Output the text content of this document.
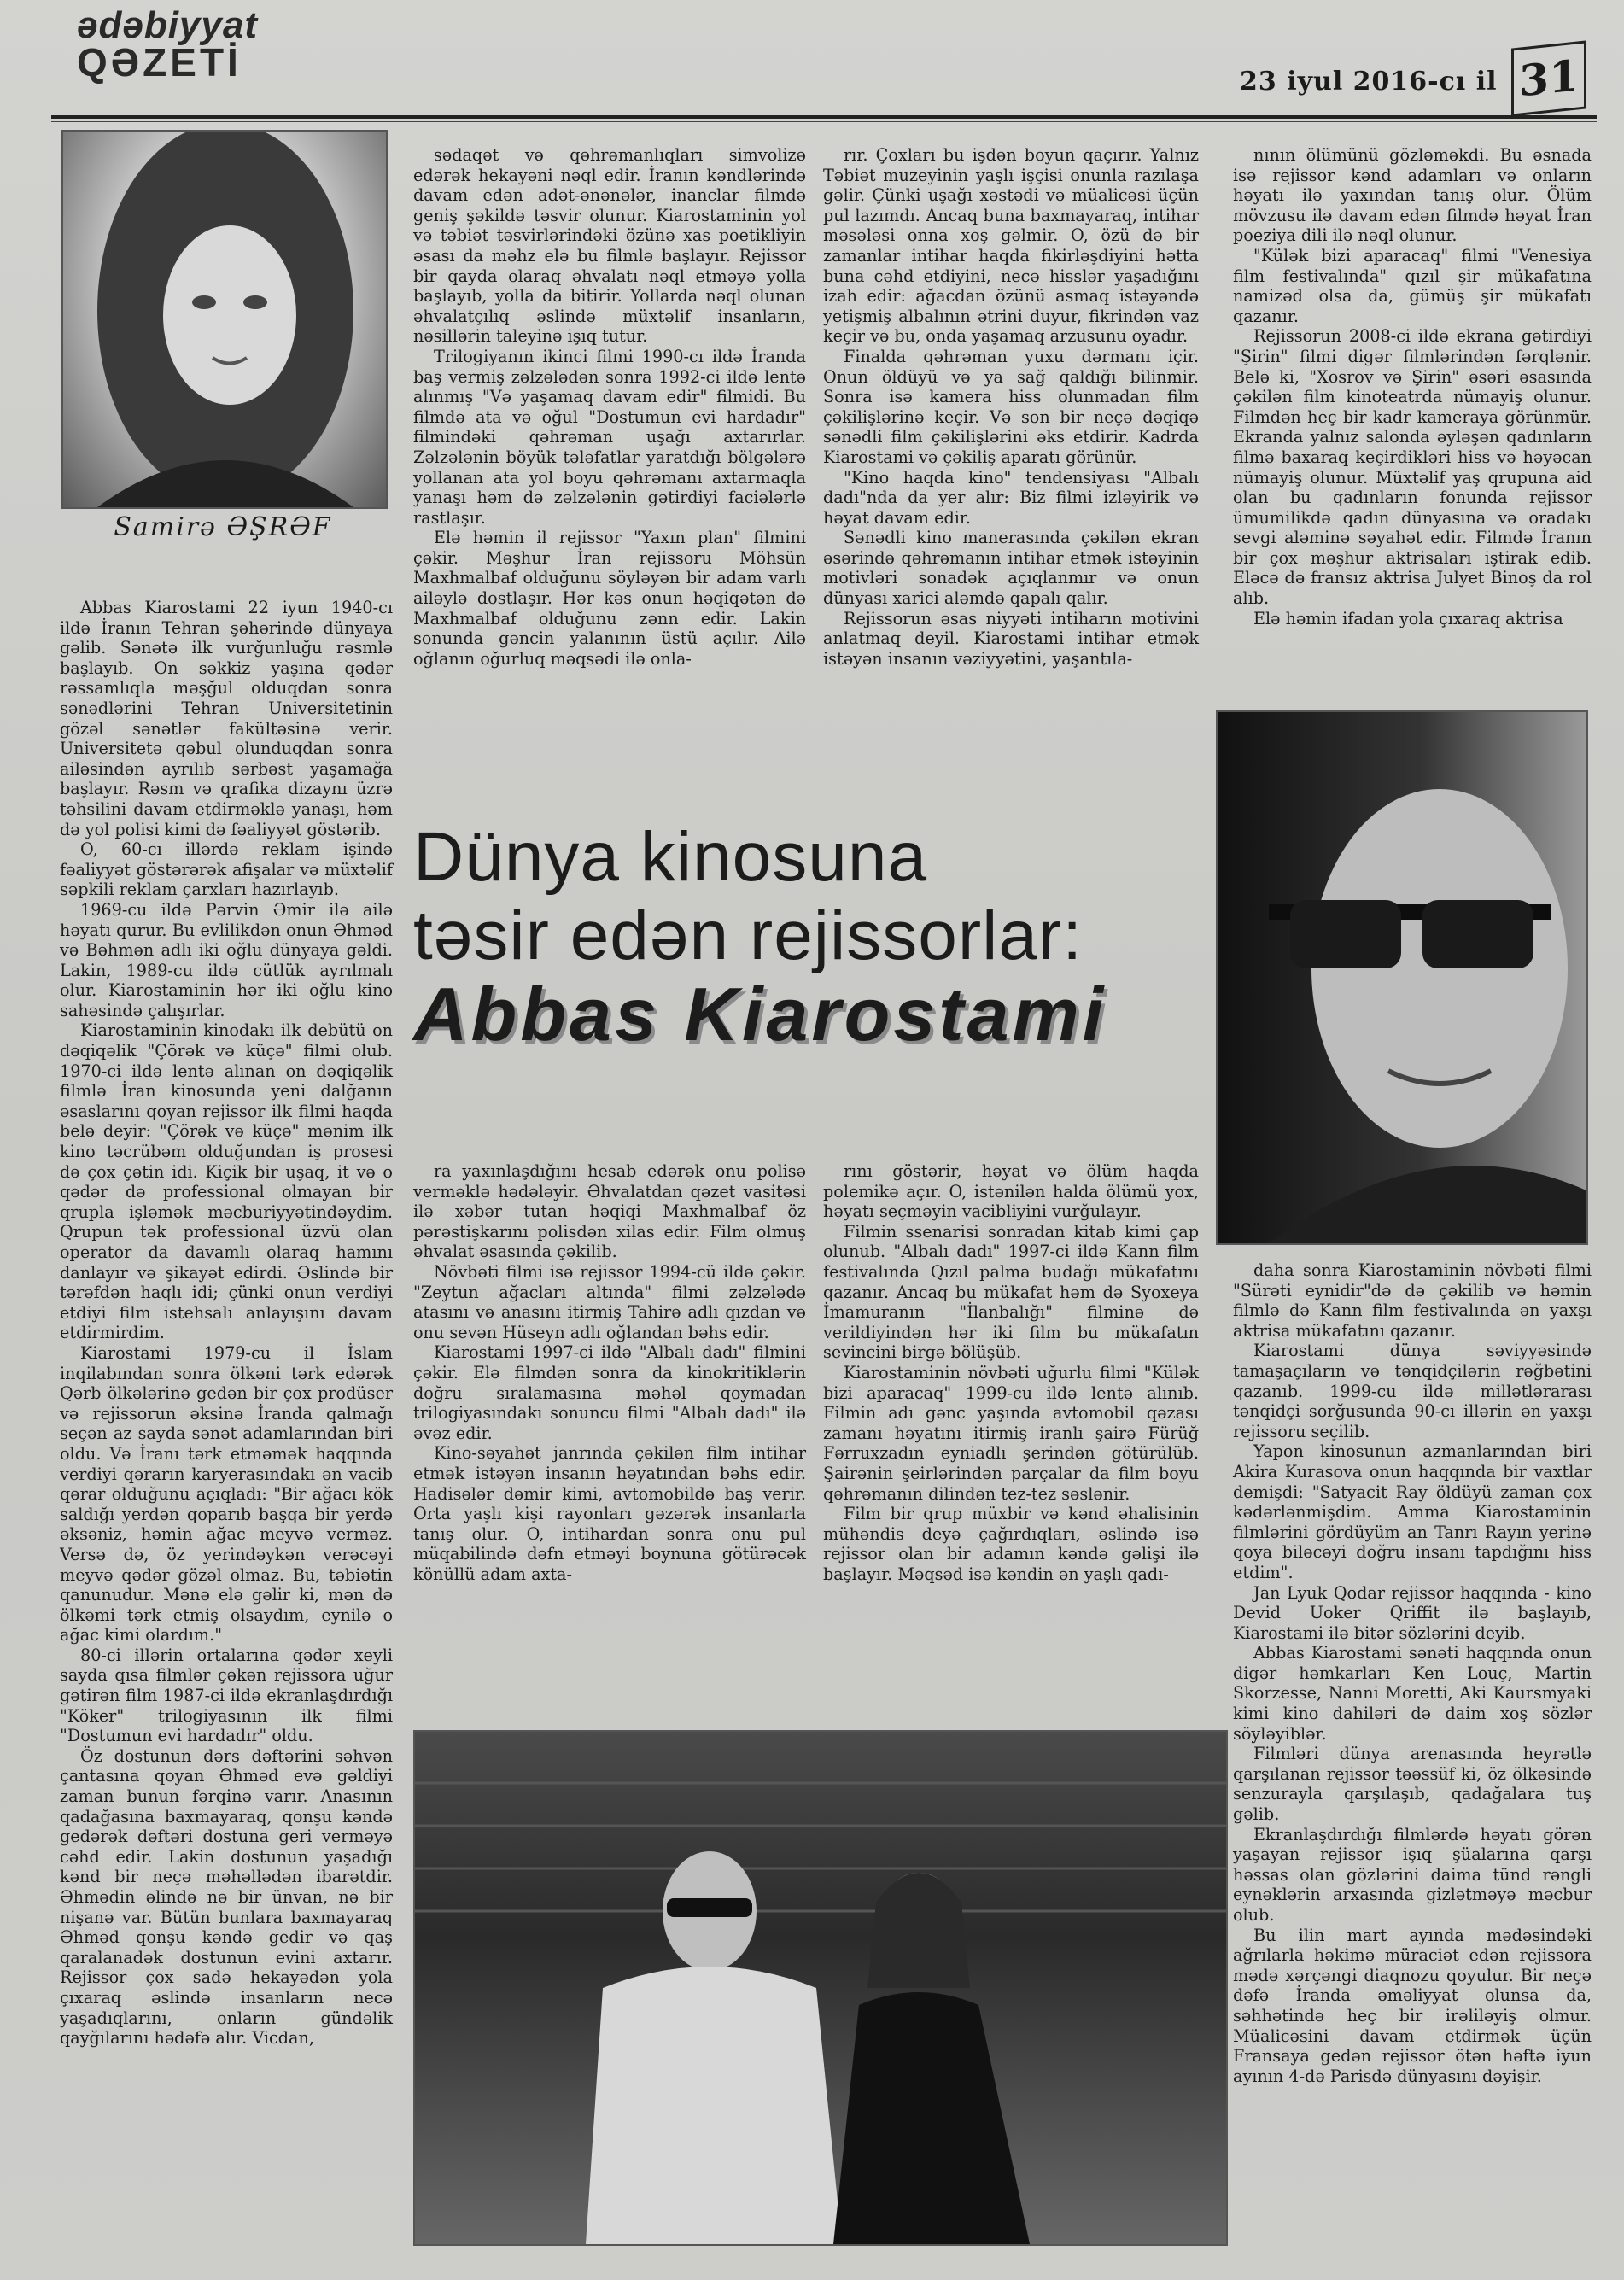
ədəbiyyat
QƏZETİ	23 iyul 2016-cı il 31
Samirə ƏŞRƏF

Abbas Kiarostami 22 iyun 1940-cı ildə İranın Tehran şəhərində dünyaya gəlib. Sənətə ilk vurğunluğu rəsmlə başlayıb. On səkkiz yaşına qədər rəssamlıqla məşğul olduqdan sonra sənədlərini Tehran Universitetinin gözəl sənətlər fakültəsinə verir. Universitetə qəbul olunduqdan sonra ailəsindən ayrılıb sərbəst yaşamağa başlayır. Rəsm və qrafika dizaynı üzrə təhsilini davam etdirməklə yanaşı, həm də yol polisi kimi də fəaliyyət göstərib.

O, 60-cı illərdə reklam işində fəaliyyət göstərərək afişalar və müxtəlif səpkili reklam çarxları hazırlayıb.

1969-cu ildə Pərvin Əmir ilə ailə həyatı qurur. Bu evlilikdən onun Əhməd və Bəhmən adlı iki oğlu dünyaya gəldi. Lakin, 1989-cu ildə cütlük ayrılmalı olur. Kiarostaminin hər iki oğlu kino sahəsində çalışırlar.

Kiarostaminin kinodakı ilk debütü on dəqiqəlik "Çörək və küçə" filmi olub. 1970-ci ildə lentə alınan on dəqiqəlik filmlə İran kinosunda yeni dalğanın əsaslarını qoyan rejissor ilk filmi haqda belə deyir: "Çörək və küçə" mənim ilk kino təcrübəm olduğundan iş prosesi də çox çətin idi. Kiçik bir uşaq, it və o qədər də professional olmayan bir qrupla işləmək məcburiyyətindəydim. Qrupun tək professional üzvü olan operator da davamlı olaraq hamını danlayır və şikayət edirdi. Əslində bir tərəfdən haqlı idi; çünki onun verdiyi etdiyi film istehsalı anlayışını davam etdirmirdim.

Kiarostami 1979-cu il İslam inqilabından sonra ölkəni tərk edərək Qərb ölkələrinə gedən bir çox prodüser və rejissorun əksinə İranda qalmağı seçən az sayda sənət adamlarından biri oldu. Və İranı tərk etməmək haqqında verdiyi qərarın karyerasındakı ən vacib qərar olduğunu açıqladı: "Bir ağacı kök saldığı yerdən qoparıb başqa bir yerdə əksəniz, həmin ağac meyvə verməz. Versə də, öz yerindəykən verəcəyi meyvə qədər gözəl olmaz. Bu, təbiətin qanunudur. Mənə elə gəlir ki, mən də ölkəmi tərk etmiş olsaydım, eynilə o ağac kimi olardım."

80-ci illərin ortalarına qədər xeyli sayda qısa filmlər çəkən rejissora uğur gətirən film 1987-ci ildə ekranlaşdırdığı "Köker" trilogiyasının ilk filmi "Dostumun evi hardadır" oldu.

Öz dostunun dərs dəftərini səhvən çantasına qoyan Əhməd evə gəldiyi zaman bunun fərqinə varır. Anasının qadağasına baxmayaraq, qonşu kəndə gedərək dəftəri dostuna geri verməyə cəhd edir. Lakin dostunun yaşadığı kənd bir neçə məhəllədən ibarətdir. Əhmədin əlində nə bir ünvan, nə bir nişanə var. Bütün bunlara baxmayaraq Əhməd qonşu kəndə gedir və qaş qaralanadək dostunun evini axtarır. Rejissor çox sadə hekayədən yola çıxaraq əslində insanların necə yaşadıqlarını, onların gündəlik qayğılarını hədəfə alır. Vicdan,

sədaqət və qəhrəmanlıqları simvolizə edərək hekayəni nəql edir. İranın kəndlərində davam edən adət-ənənələr, inanclar filmdə geniş şəkildə təsvir olunur. Kiarostaminin yol və təbiət təsvirlərindəki özünə xas poetikliyin əsası da məhz elə bu filmlə başlayır. Rejissor bir qayda olaraq əhvalatı nəql etməyə yolla başlayıb, yolla da bitirir. Yollarda nəql olunan əhvalatçılıq əslində müxtəlif insanların, nəsillərin taleyinə işıq tutur.

Trilogiyanın ikinci filmi 1990-cı ildə İranda baş vermiş zəlzələdən sonra 1992-ci ildə lentə alınmış "Və yaşamaq davam edir" filmidi. Bu filmdə ata və oğul "Dostumun evi hardadır" filmindəki qəhrəman uşağı axtarırlar. Zəlzələnin böyük tələfatlar yaratdığı bölgələrə yollanan ata yol boyu qəhrəmanı axtarmaqla yanaşı həm də zəlzələnin gətirdiyi faciələrlə rastlaşır.

Elə həmin il rejissor "Yaxın plan" filmini çəkir. Məşhur İran rejissoru Möhsün Maxhmalbaf olduğunu söyləyən bir adam varlı ailəylə dostlaşır. Hər kəs onun həqiqətən də Maxhmalbaf olduğunu zənn edir. Lakin sonunda gəncin yalanının üstü açılır. Ailə oğlanın oğurluq məqsədi ilə onla-

rır. Çoxları bu işdən boyun qaçırır. Yalnız Təbiət muzeyinin yaşlı işçisi onunla razılaşa gəlir. Çünki uşağı xəstədi və müalicəsi üçün pul lazımdı. Ancaq buna baxmayaraq, intihar məsələsi onna xoş gəlmir. O, özü də bir zamanlar intihar haqda fikirləşdiyini hətta buna cəhd etdiyini, necə hisslər yaşadığını izah edir: ağacdan özünü asmaq istəyəndə yetişmiş albalının ətrini duyur, fikrindən vaz keçir və bu, onda yaşamaq arzusunu oyadır.

Finalda qəhrəman yuxu dərmanı içir. Onun öldüyü və ya sağ qaldığı bilinmir. Sonra isə kamera hiss olunmadan film çəkilişlərinə keçir. Və son bir neçə dəqiqə sənədli film çəkilişlərini əks etdirir. Kadrda Kiarostami və çəkiliş aparatı görünür.

"Kino haqda kino" tendensiyası "Albalı dadı"nda da yer alır: Biz filmi izləyirik və həyat davam edir.

Sənədli kino manerasında çəkilən ekran əsərində qəhrəmanın intihar etmək istəyinin motivləri sonadək açıqlanmır və onun dünyası xarici aləmdə qapalı qalır.

Rejissorun əsas niyyəti intiharın motivini anlatmaq deyil. Kiarostami intihar etmək istəyən insanın vəziyyətini, yaşantıla-

nının ölümünü gözləməkdi. Bu əsnada isə rejissor kənd adamları və onların həyatı ilə yaxından tanış olur. Ölüm mövzusu ilə davam edən filmdə həyat İran poeziya dili ilə nəql olunur.

"Külək bizi aparacaq" filmi "Venesiya film festivalında" qızıl şir mükafatına namizəd olsa da, gümüş şir mükafatı qazanır.

Rejissorun 2008-ci ildə ekrana gətirdiyi "Şirin" filmi digər filmlərindən fərqlənir. Belə ki, "Xosrov və Şirin" əsəri əsasında çəkilən film kinoteatrda nümayiş olunur. Filmdən heç bir kadr kameraya görünmür. Ekranda yalnız salonda əyləşən qadınların filmə baxaraq keçirdikləri hiss və həyəcan nümayiş olunur. Müxtəlif yaş qrupuna aid olan bu qadınların fonunda rejissor ümumilikdə qadın dünyasına və oradakı sevgi aləminə səyahət edir. Filmdə İranın bir çox məşhur aktrisaları iştirak edib. Eləcə də fransız aktrisa Julyet Binoş da rol alıb.

Elə həmin ifadan yola çıxaraq aktrisa

Dünya kinosuna
təsir edən rejissorlar:
Abbas Kiarostami

ra yaxınlaşdığını hesab edərək onu polisə verməklə hədələyir. Əhvalatdan qəzet vasitəsi ilə xəbər tutan həqiqi Maxhmalbaf öz pərəstişkarını polisdən xilas edir. Film olmuş əhvalat əsasında çəkilib.

Növbəti filmi isə rejissor 1994-cü ildə çəkir. "Zeytun ağacları altında" filmi zəlzələdə atasını və anasını itirmiş Tahirə adlı qızdan və onu sevən Hüseyn adlı oğlandan bəhs edir.

Kiarostami 1997-ci ildə "Albalı dadı" filmini çəkir. Elə filmdən sonra da kinokritiklərin doğru sıralamasına məhəl qoymadan trilogiyasındakı sonuncu filmi "Albalı dadı" ilə əvəz edir.

Kino-səyahət janrında çəkilən film intihar etmək istəyən insanın həyatından bəhs edir. Hadisələr dəmir kimi, avtomobildə baş verir. Orta yaşlı kişi rayonları gəzərək insanlarla tanış olur. O, intihardan sonra onu pul müqabilində dəfn etməyi boynuna götürəcək könüllü adam axta-

rını göstərir, həyat və ölüm haqda polemikə açır. O, istənilən halda ölümü yox, həyatı seçməyin vacibliyini vurğulayır.

Filmin ssenarisi sonradan kitab kimi çap olunub. "Albalı dadı" 1997-ci ildə Kann film festivalında Qızıl palma budağı mükafatını qazanır. Ancaq bu mükafat həm də Syoxeya İmamuranın "İlanbalığı" filminə də verildiyindən hər iki film bu mükafatın sevincini birgə bölüşüb.

Kiarostaminin növbəti uğurlu filmi "Külək bizi aparacaq" 1999-cu ildə lentə alınıb. Filmin adı gənc yaşında avtomobil qəzası zamanı həyatını itirmiş iranlı şairə Fürüğ Fərruxzadın eyniadlı şerindən götürülüb. Şairənin şeirlərindən parçalar da film boyu qəhrəmanın dilindən tez-tez səslənir.

Film bir qrup müxbir və kənd əhalisinin mühəndis deyə çağırdıqları, əslində isə rejissor olan bir adamın kəndə gəlişi ilə başlayır. Məqsəd isə kəndin ən yaşlı qadı-

daha sonra Kiarostaminin növbəti filmi "Sürəti eynidir"də də çəkilib və həmin filmlə də Kann film festivalında ən yaxşı aktrisa mükafatını qazanır.

Kiarostami dünya səviyyəsində tamaşaçıların və tənqidçilərin rəğbətini qazanıb. 1999-cu ildə millətlərarası tənqidçi sorğusunda 90-cı illərin ən yaxşı rejissoru seçilib.

Yapon kinosunun azmanlarından biri Akira Kurasova onun haqqında bir vaxtlar demişdi: "Satyacit Ray öldüyü zaman çox kədərlənmişdim. Amma Kiarostaminin filmlərini gördüyüm an Tanrı Rayın yerinə qoya biləcəyi doğru insanı tapdığını hiss etdim".

Jan Lyuk Qodar rejissor haqqında - kino Devid Uoker Qriffit ilə başlayıb, Kiarostami ilə bitər sözlərini deyib.

Abbas Kiarostami sənəti haqqında onun digər həmkarları Ken Louç, Martin Skorzesse, Nanni Moretti, Aki Kaursmyaki kimi kino dahiləri də daim xoş sözlər söyləyiblər.

Filmləri dünya arenasında heyrətlə qarşılanan rejissor təəssüf ki, öz ölkəsində senzurayla qarşılaşıb, qadağalara tuş gəlib.

Ekranlaşdırdığı filmlərdə həyatı görən yaşayan rejissor işıq şüalarına qarşı həssas olan gözlərini daima tünd rəngli eynəklərin arxasında gizlətməyə məcbur olub.

Bu ilin mart ayında mədəsindəki ağrılarla həkimə müraciət edən rejissora mədə xərçəngi diaqnozu qoyulur. Bir neçə dəfə İranda əməliyyat olunsa da, səhhətində heç bir irəliləyiş olmur. Müalicəsini davam etdirmək üçün Fransaya gedən rejissor ötən həftə iyun ayının 4-də Parisdə dünyasını dəyişir.
